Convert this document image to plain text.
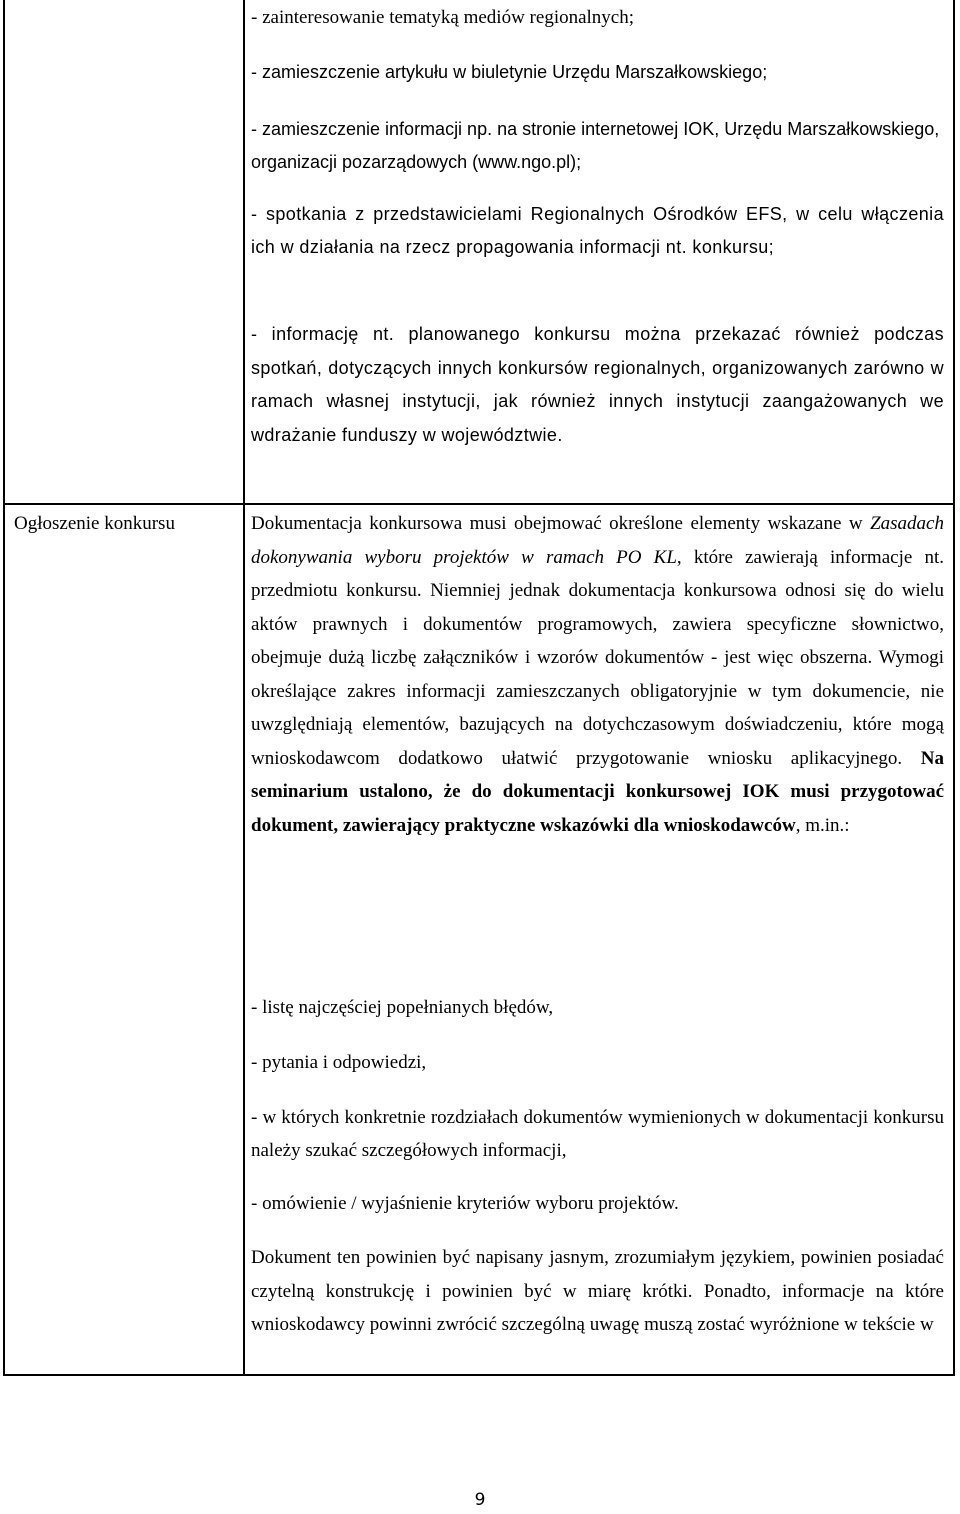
- zainteresowanie tematyką mediów regionalnych;

- zamieszczenie artykułu w biuletynie Urzędu Marszałkowskiego;

- zamieszczenie informacji np. na stronie internetowej IOK, Urzędu Marszałkowskiego, organizacji pozarządowych (www.ngo.pl);

- spotkania z przedstawicielami Regionalnych Ośrodków EFS, w celu włączenia ich w działania na rzecz propagowania informacji nt. konkursu;

- informację nt. planowanego konkursu można przekazać również podczas spotkań, dotyczących innych konkursów regionalnych, organizowanych zarówno w ramach własnej instytucji, jak również innych instytucji zaangażowanych we wdrażanie funduszy w województwie.

Ogłoszenie konkursu	Dokumentacja konkursowa musi obejmować określone elementy wskazane w Zasadach dokonywania wyboru projektów w ramach PO KL, które zawierają informacje nt. przedmiotu konkursu. Niemniej jednak dokumentacja konkursowa odnosi się do wielu aktów prawnych i dokumentów programowych, zawiera specyficzne słownictwo, obejmuje dużą liczbę załączników i wzorów dokumentów - jest więc obszerna. Wymogi określające zakres informacji zamieszczanych obligatoryjnie w tym dokumencie, nie uwzględniają elementów, bazujących na dotychczasowym doświadczeniu, które mogą wnioskodawcom dodatkowo ułatwić przygotowanie wniosku aplikacyjnego. Na seminarium ustalono, że do dokumentacji konkursowej IOK musi przygotować dokument, zawierający praktyczne wskazówki dla wnioskodawców, m.in.:

- listę najczęściej popełnianych błędów,

- pytania i odpowiedzi,

- w których konkretnie rozdziałach dokumentów wymienionych w dokumentacji konkursu należy szukać szczegółowych informacji,

- omówienie / wyjaśnienie kryteriów wyboru projektów.

Dokument ten powinien być napisany jasnym, zrozumiałym językiem, powinien posiadać czytelną konstrukcję i powinien być w miarę krótki. Ponadto, informacje na które wnioskodawcy powinni zwrócić szczególną uwagę muszą zostać wyróżnione w tekście w

9
